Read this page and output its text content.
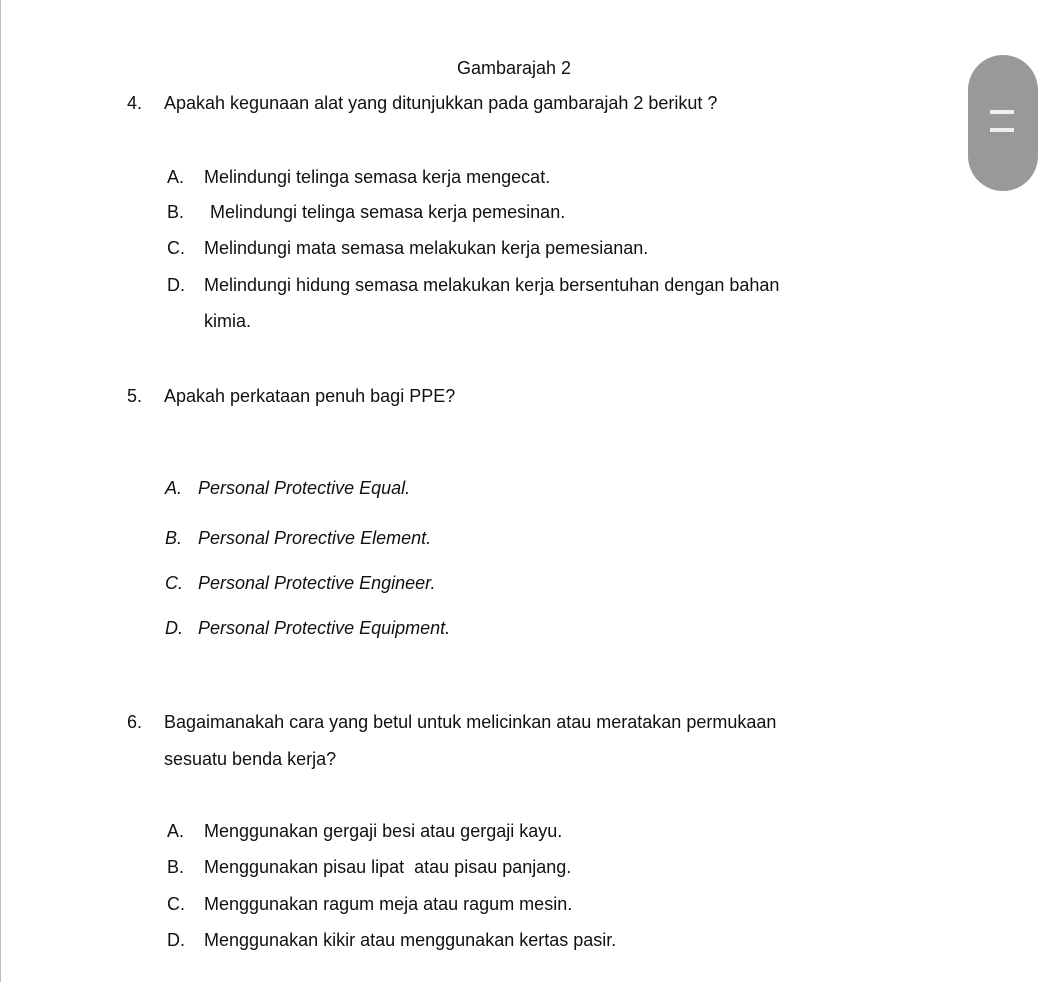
Gambarajah 2
4. Apakah kegunaan alat yang ditunjukkan pada gambarajah 2 berikut ?
A. Melindungi telinga semasa kerja mengecat.
B. Melindungi telinga semasa kerja pemesinan.
C. Melindungi mata semasa melakukan kerja pemesianan.
D. Melindungi hidung semasa melakukan kerja bersentuhan dengan bahan
kimia.
5. Apakah perkataan penuh bagi PPE?
A. Personal Protective Equal.
B. Personal Prorective Element.
C. Personal Protective Engineer.
D. Personal Protective Equipment.
6. Bagaimanakah cara yang betul untuk melicinkan atau meratakan permukaan
sesuatu benda kerja?
A. Menggunakan gergaji besi atau gergaji kayu.
B. Menggunakan pisau lipat  atau pisau panjang.
C. Menggunakan ragum meja atau ragum mesin.
D. Menggunakan kikir atau menggunakan kertas pasir.
